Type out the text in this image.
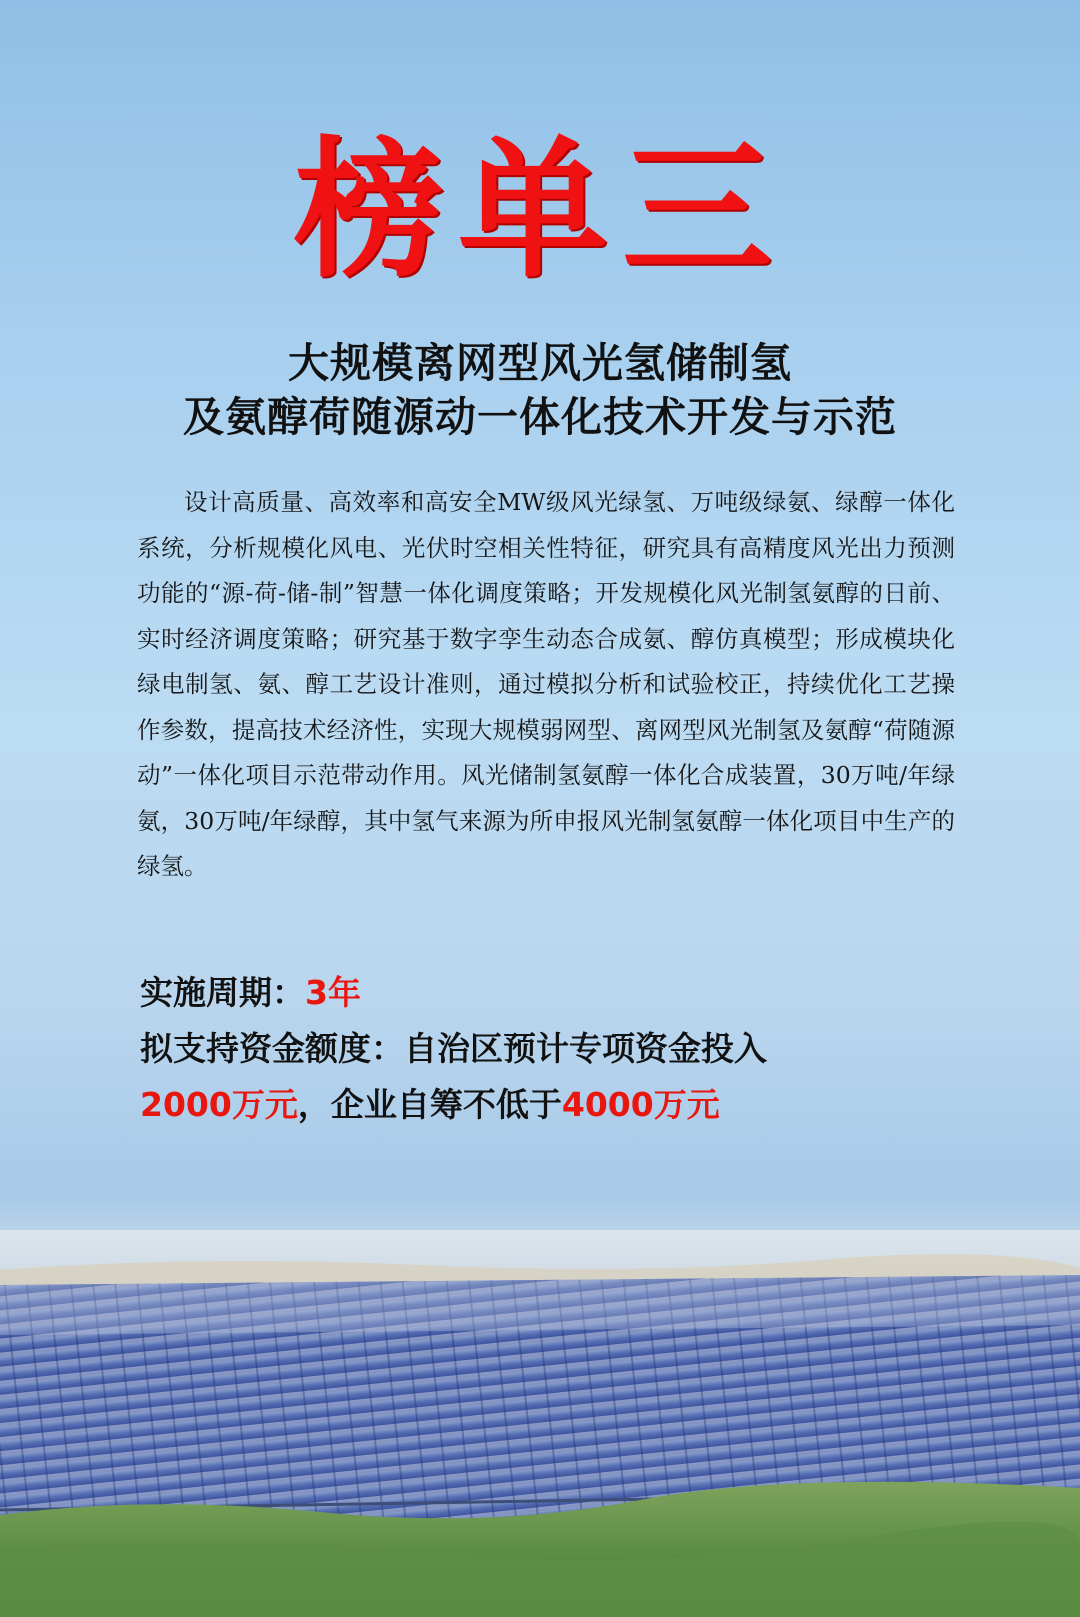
榜单三
大规模离网型风光氢储制氢
及氨醇荷随源动一体化技术开发与示范

设计高质量、高效率和高安全MW级风光绿氢、万吨级绿氨、绿醇一体化系统，分析规模化风电、光伏时空相关性特征，研究具有高精度风光出力预测功能的“源-荷-储-制”智慧一体化调度策略；开发规模化风光制氢氨醇的日前、实时经济调度策略；研究基于数字孪生动态合成氨、醇仿真模型；形成模块化绿电制氢、氨、醇工艺设计准则，通过模拟分析和试验校正，持续优化工艺操作参数，提高技术经济性，实现大规模弱网型、离网型风光制氢及氨醇“荷随源动”一体化项目示范带动作用。风光储制氢氨醇一体化合成装置，30万吨/年绿氨，30万吨/年绿醇，其中氢气来源为所申报风光制氢氨醇一体化项目中生产的绿氢。

实施周期：3年
拟支持资金额度：自治区预计专项资金投入
2000万元，企业自筹不低于4000万元
